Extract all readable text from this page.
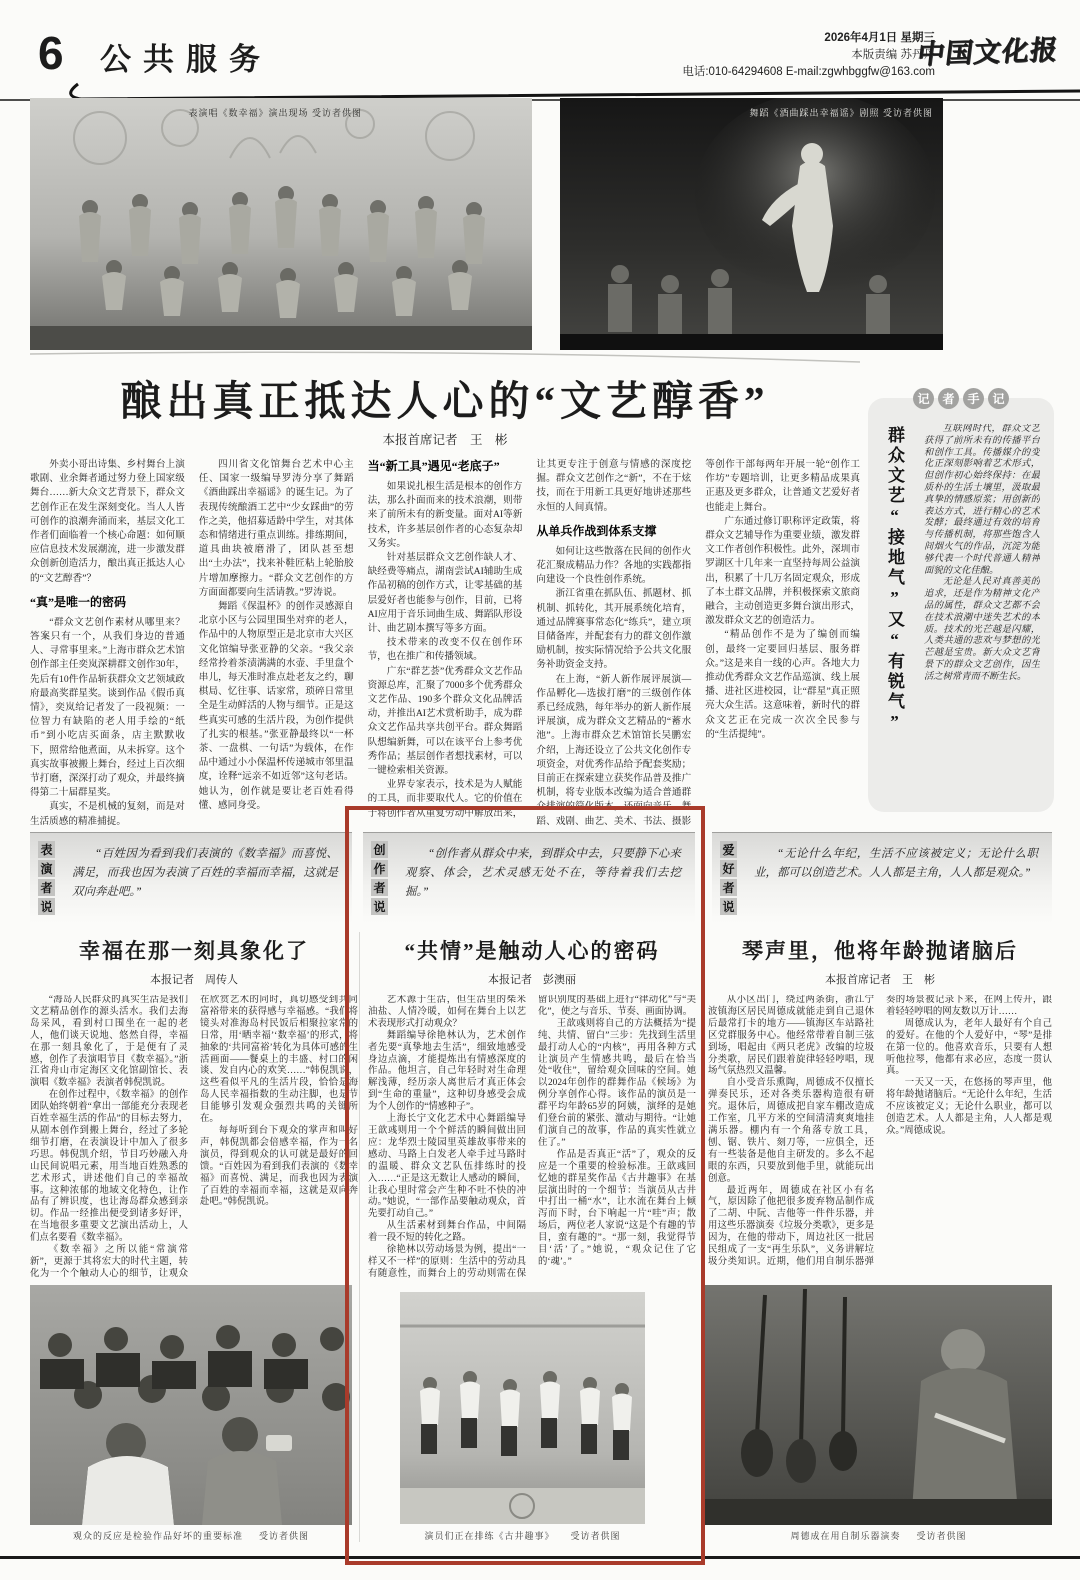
6 公共服务
2026年4月1日 星期三
本版责编 苏丹丹
电话:010-64294608 E-mail:zgwhbggfw@163.com
中国文化报
表演唱《数幸福》演出现场 受访者供图	舞蹈《酒曲踩出幸福谣》剧照 受访者供图
酿出真正抵达人心的“文艺醇香”
本报首席记者　王　彬

外卖小哥出诗集、乡村舞台上演歌剧、业余舞者通过努力登上国家级舞台……新大众文艺背景下，群众文艺创作正在发生深刻变化。当人人皆可创作的浪潮奔涌而来，基层文化工作者们面临着一个核心命题：如何顺应信息技术发展潮流，进一步激发群众创新创造活力，酿出真正抵达人心的“文艺醇香”？

“真”是唯一的密码

“群众文艺创作素材从哪里来？答案只有一个，从我们身边的普通人、寻常事里来。”上海市群众艺术馆创作部主任奕岚深耕群文创作30年，先后有10件作品斩获群众文艺领域政府最高奖群星奖。谈到作品《假币真情》，奕岚给记者发了一段视频：一位智力有缺陷的老人用手绘的“纸币”到小吃店买面条，店主默默收下，照常给他煮面，从未拆穿。这个真实故事被搬上舞台，经过上百次细节打磨，深深打动了观众，并最终摘得第二十届群星奖。

真实，不是机械的复刻，而是对生活质感的精准捕捉。

四川省文化馆舞台艺术中心主任、国家一级编导罗涛分享了舞蹈《酒曲踩出幸福谣》的诞生记。为了表现传统酿酒工艺中“少女踩曲”的劳作之美，他招募适龄中学生，对其体态和情绪进行重点训练。排练期间，道具曲块被磨滑了，团队甚至想出“土办法”，找来补鞋匠粘上轮胎胶片增加摩擦力。“群众文艺创作的方方面面都要向生活请教。”罗涛说。

舞蹈《保温杯》的创作灵感源自北京小区与公园里围坐对弈的老人，作品中的人物原型正是北京市大兴区文化馆编导张亚静的父亲。“我父亲经常拎着茶渍满满的水壶、手里盘个串儿，每天准时准点赴老友之约，聊棋局、忆往事、话家常，琐碎日常里全是生动鲜活的人物与细节。正是这些真实可感的生活片段，为创作提供了扎实的根基。”张亚静最终以“一杯茶、一盘棋、一句话”为载体，在作品中通过小小保温杯传递城市邻里温度，诠释“远亲不如近邻”这句老话。她认为，创作就是要让老百姓看得懂、感同身受。

当“新工具”遇见“老底子”

如果说扎根生活是根本的创作方法，那么扑面而来的技术浪潮，则带来了前所未有的新变量。面对AI等新技术，许多基层创作者的心态复杂却又务实。

针对基层群众文艺创作缺人才、缺经费等痛点，湖南尝试AI辅助生成作品初稿的创作方式，让零基础的基层爱好者也能参与创作，目前，已将AI应用于音乐词曲生成、舞蹈队形设计、曲艺剧本撰写等多方面。

技术带来的改变不仅在创作环节，也在推广和传播领域。

广东“群艺荟”优秀群众文艺作品资源总库，汇聚了7000多个优秀群众文艺作品、190多个群众文化品牌活动，并推出AI艺术赏析助手，成为群众文艺作品共享共创平台。群众舞蹈队想编新舞，可以在该平台上参考优秀作品；基层创作者想找素材，可以一键检索相关资源。

业界专家表示，技术是为人赋能的工具，而非要取代人。它的价值在于将创作者从重复劳动中解放出来，让其更专注于创意与情感的深度挖掘。群众文艺创作之“新”，不在于炫技，而在于用新工具更好地讲述那些永恒的人间真情。

从单兵作战到体系支撑

如何让这些散落在民间的创作火花汇聚成精品力作？各地的实践都指向建设一个良性创作系统。

浙江省重在抓队伍、抓题材、抓机制、抓转化，其开展系统化培育，通过品牌赛事常态化“练兵”，建立项目储备库，并配套有力的群文创作激励机制，按实际情况给予公共文化服务补助资金支持。

在上海，“新人新作展评展演—作品孵化—选拔打磨”的三级创作体系已经成熟，每年举办的新人新作展评展演，成为群众文艺精品的“蓄水池”。上海市群众艺术馆馆长吴鹏宏介绍，上海还设立了公共文化创作专项资金，对优秀作品给予配套奖励；目前正在探索建立获奖作品普及推广机制，将专业版本改编为适合普通群众排演的简化版本，还面向音乐、舞蹈、戏剧、曲艺、美术、书法、摄影等创作干部每两年开展一轮“创作工作坊”专题培训，让更多精品成果真正惠及更多群众，让普通文艺爱好者也能走上舞台。

广东通过修订职称评定政策，将群众文艺辅导作为重要业绩，激发群文工作者创作积极性。此外，深圳市罗湖区十几年来一直坚持每周公益演出，积累了十几万名固定观众，形成了本土群文品牌，并积极探索文旅商融合，主动创造更多舞台演出形式，激发群众文艺的创造活力。

“精品创作不是为了编创而编创，最终一定要回归基层、服务群众。”这是来自一线的心声。各地大力推动优秀群众文艺作品巡演、线上展播、进社区进校园，让“群星”真正照亮大众生活。这意味着，新时代的群众文艺正在完成一次次全民参与的“生活提纯”。

记	者	手	记
群众文艺“接地气”又“有锐气”	互联网时代，群众文艺获得了前所未有的传播平台和创作工具。传播媒介的变化正深刻影响着艺术形式，但创作初心始终保持：在最质朴的生活土壤里，汲取最真挚的情感原浆；用创新的表达方式，进行精心的艺术发酵；最终通过有效的培育与传播机制，将那些饱含人间烟火气的作品，沉淀为能够代表一个时代普通人精神面貌的文化佳酿。

无论是人民对真善美的追求，还是作为精神文化产品的属性，群众文艺都不会在技术浪潮中迷失艺术的本质。技术的光芒越是闪耀，人类共通的悲欢与梦想的光芒越是宝贵。新大众文艺背景下的群众文艺创作，因生活之树常青而不断生长。

表
演
者
说
“百姓因为看到我们表演的《数幸福》而喜悦、满足，而我也因为表演了百姓的幸福而幸福，这就是双向奔赴吧。”
创
作
者
说
“创作者从群众中来，到群众中去，只要静下心来观察、体会，艺术灵感无处不在，等待着我们去挖掘。”
爱
好
者
说
“无论什么年纪，生活不应该被定义；无论什么职业，都可以创造艺术。人人都是主角，人人都是观众。”
幸福在那一刻具象化了
本报记者　周传人

“海岛人民群众的真实生活是我们文艺精品创作的源头活水。我们去海岛采风，看到村口围坐在一起的老人，他们谈天说地、悠然自得，幸福在那一刻具象化了，于是便有了灵感，创作了表演唱节目《数幸福》。”浙江省舟山市定海区文化馆副馆长、表演唱《数幸福》表演者韩倪凯说。

在创作过程中，《数幸福》的创作团队始终朝着“拿出一部能充分表现老百姓幸福生活的作品”的目标去努力，从剧本创作到搬上舞台，经过了多轮细节打磨，在表演设计中加入了很多巧思。韩倪凯介绍，节目巧妙融入舟山民间说唱元素，用当地百姓熟悉的艺术形式，讲述他们自己的幸福故事。这种浓郁的地域文化特色，让作品有了辨识度，也让海岛群众感到亲切。作品一经推出便受到诸多好评，在当地很多重要文艺演出活动上，人们点名要看《数幸福》。

《数幸福》之所以能“常演常新”，更源于其将宏大的时代主题，转化为一个个触动人心的细节，让观众在欣赏艺术的同时，真切感受到共同富裕带来的获得感与幸福感。“我们将镜头对准海岛村民饭后相聚拉家常的日常，用‘晒幸福’‘数幸福’的形式，将抽象的‘共同富裕’转化为具体可感的生活画面——餐桌上的丰盛、村口的闲谈、发自内心的欢笑……”韩倪凯说，这些看似平凡的生活片段，恰恰是海岛人民幸福指数的生动注脚，也是节目能够引发观众强烈共鸣的关键所在。

每每听到台下观众的掌声和叫好声，韩倪凯都会倍感幸福，作为一名演员，得到观众的认可就是最好的回馈。“百姓因为看到我们表演的《数幸福》而喜悦、满足，而我也因为表演了百姓的幸福而幸福，这就是双向奔赴吧。”韩倪凯说。

“共情”是触动人心的密码
本报记者　彭澳丽

艺术源于生活，但生活里的柴米油盐、人情冷暖，如何在舞台上以艺术表现形式打动观众？

舞蹈编导徐艳林认为，艺术创作者先要“真挚地去生活”，细致地感受身边点滴，才能提炼出有情感深度的作品。他坦言，自己年轻时对生命理解浅薄，经历亲人离世后才真正体会到“生命的重量”，这种切身感受会成为个人创作的“情感种子”。

上海长宁文化艺术中心舞蹈编导王歆彧则用一个个鲜活的瞬间做出回应：龙华烈士陵园里英雄故事带来的感动、马路上白发老人牵手过马路时的温暖、群众文艺队伍排练时的投入……“正是这无数让人感动的瞬间，让我心里时常会产生种不吐不快的冲动。”她说，“一部作品要触动观众，首先要打动自己。”

从生活素材到舞台作品，中间隔着一段不短的转化之路。

徐艳林以劳动场景为例，提出“一样又不一样”的原则：生活中的劳动具有随意性，而舞台上的劳动则需在保留识别度的基础上进行“律动化”与“美化”，使之与音乐、节奏、画面协调。

王歆彧则将自己的方法概括为“提纯、共情、留白”三步：先找到生活里最打动人心的“内核”，再用各种方式让演员产生情感共鸣，最后在恰当处“收住”，留给观众回味的空间。她以2024年创作的群舞作品《候场》为例分享创作心得。该作品的演员是一群平均年龄65岁的阿姨，演绎的是她们登台前的紧张、激动与期待。“让她们演自己的故事，作品的真实性就立住了。”

作品是否真正“活”了，观众的反应是一个重要的检验标准。王歆彧回忆她的群星奖作品《古井趣事》在基层演出时的一个细节：当演员从古井中打出一桶“水”，让水流在舞台上倾泻而下时，台下响起一片“哇”声；散场后，两位老人家说“这是个有趣的节目，蛮有趣的”。“那一刻，我觉得节目‘活’了。”她说，“观众记住了它的‘魂’。”

琴声里，他将年龄抛诸脑后
本报首席记者　王　彬

从小区出门，绕过两条街，浙江宁波镇海区居民周德成就能走到自己退休后最常打卡的地方——镇海区车站路社区党群服务中心。他经常带着自制三弦到场，唱起由《两只老虎》改编的垃圾分类歌，居民们跟着旋律轻轻哼唱，现场气氛热烈又温馨。

自小受音乐熏陶，周德成不仅擅长弹奏民乐，还对各类乐器构造很有研究。退休后，周德成把自家车棚改造成工作室，几平方米的空间清清爽爽地挂满乐器。棚内有一个角落专放工具，刨、锯、铁片、刻刀等，一应俱全，还有一些装备是他自主研发的。多么不起眼的东西，只要放到他手里，就能玩出创意。

最近两年，周德成在社区小有名气，原因除了他把很多废弃物品制作成了二胡、中阮、吉他等一件件乐器，并用这些乐器演奏《垃圾分类歌》，更多是因为，在他的带动下，周边社区一批居民组成了一支“再生乐队”，义务讲解垃圾分类知识。近期，他们用自制乐器弹奏的场景被记录下来，在网上传开，跟着轻轻哼唱的网友数以万计……

周德成认为，老年人最好有个自己的爱好。在他的个人爱好中，“琴”是排在第一位的。他喜欢音乐，只要有人想听他拉琴，他都有求必应，态度一贯认真。

一天又一天，在悠扬的琴声里，他将年龄抛诸脑后。“无论什么年纪，生活不应该被定义；无论什么职业，都可以创造艺术。人人都是主角，人人都是观众。”周德成说。

观众的反应是检验作品好坏的重要标准 受访者供图	演员们正在排练《古井趣事》 受访者供图	周德成在用自制乐器演奏 受访者供图
